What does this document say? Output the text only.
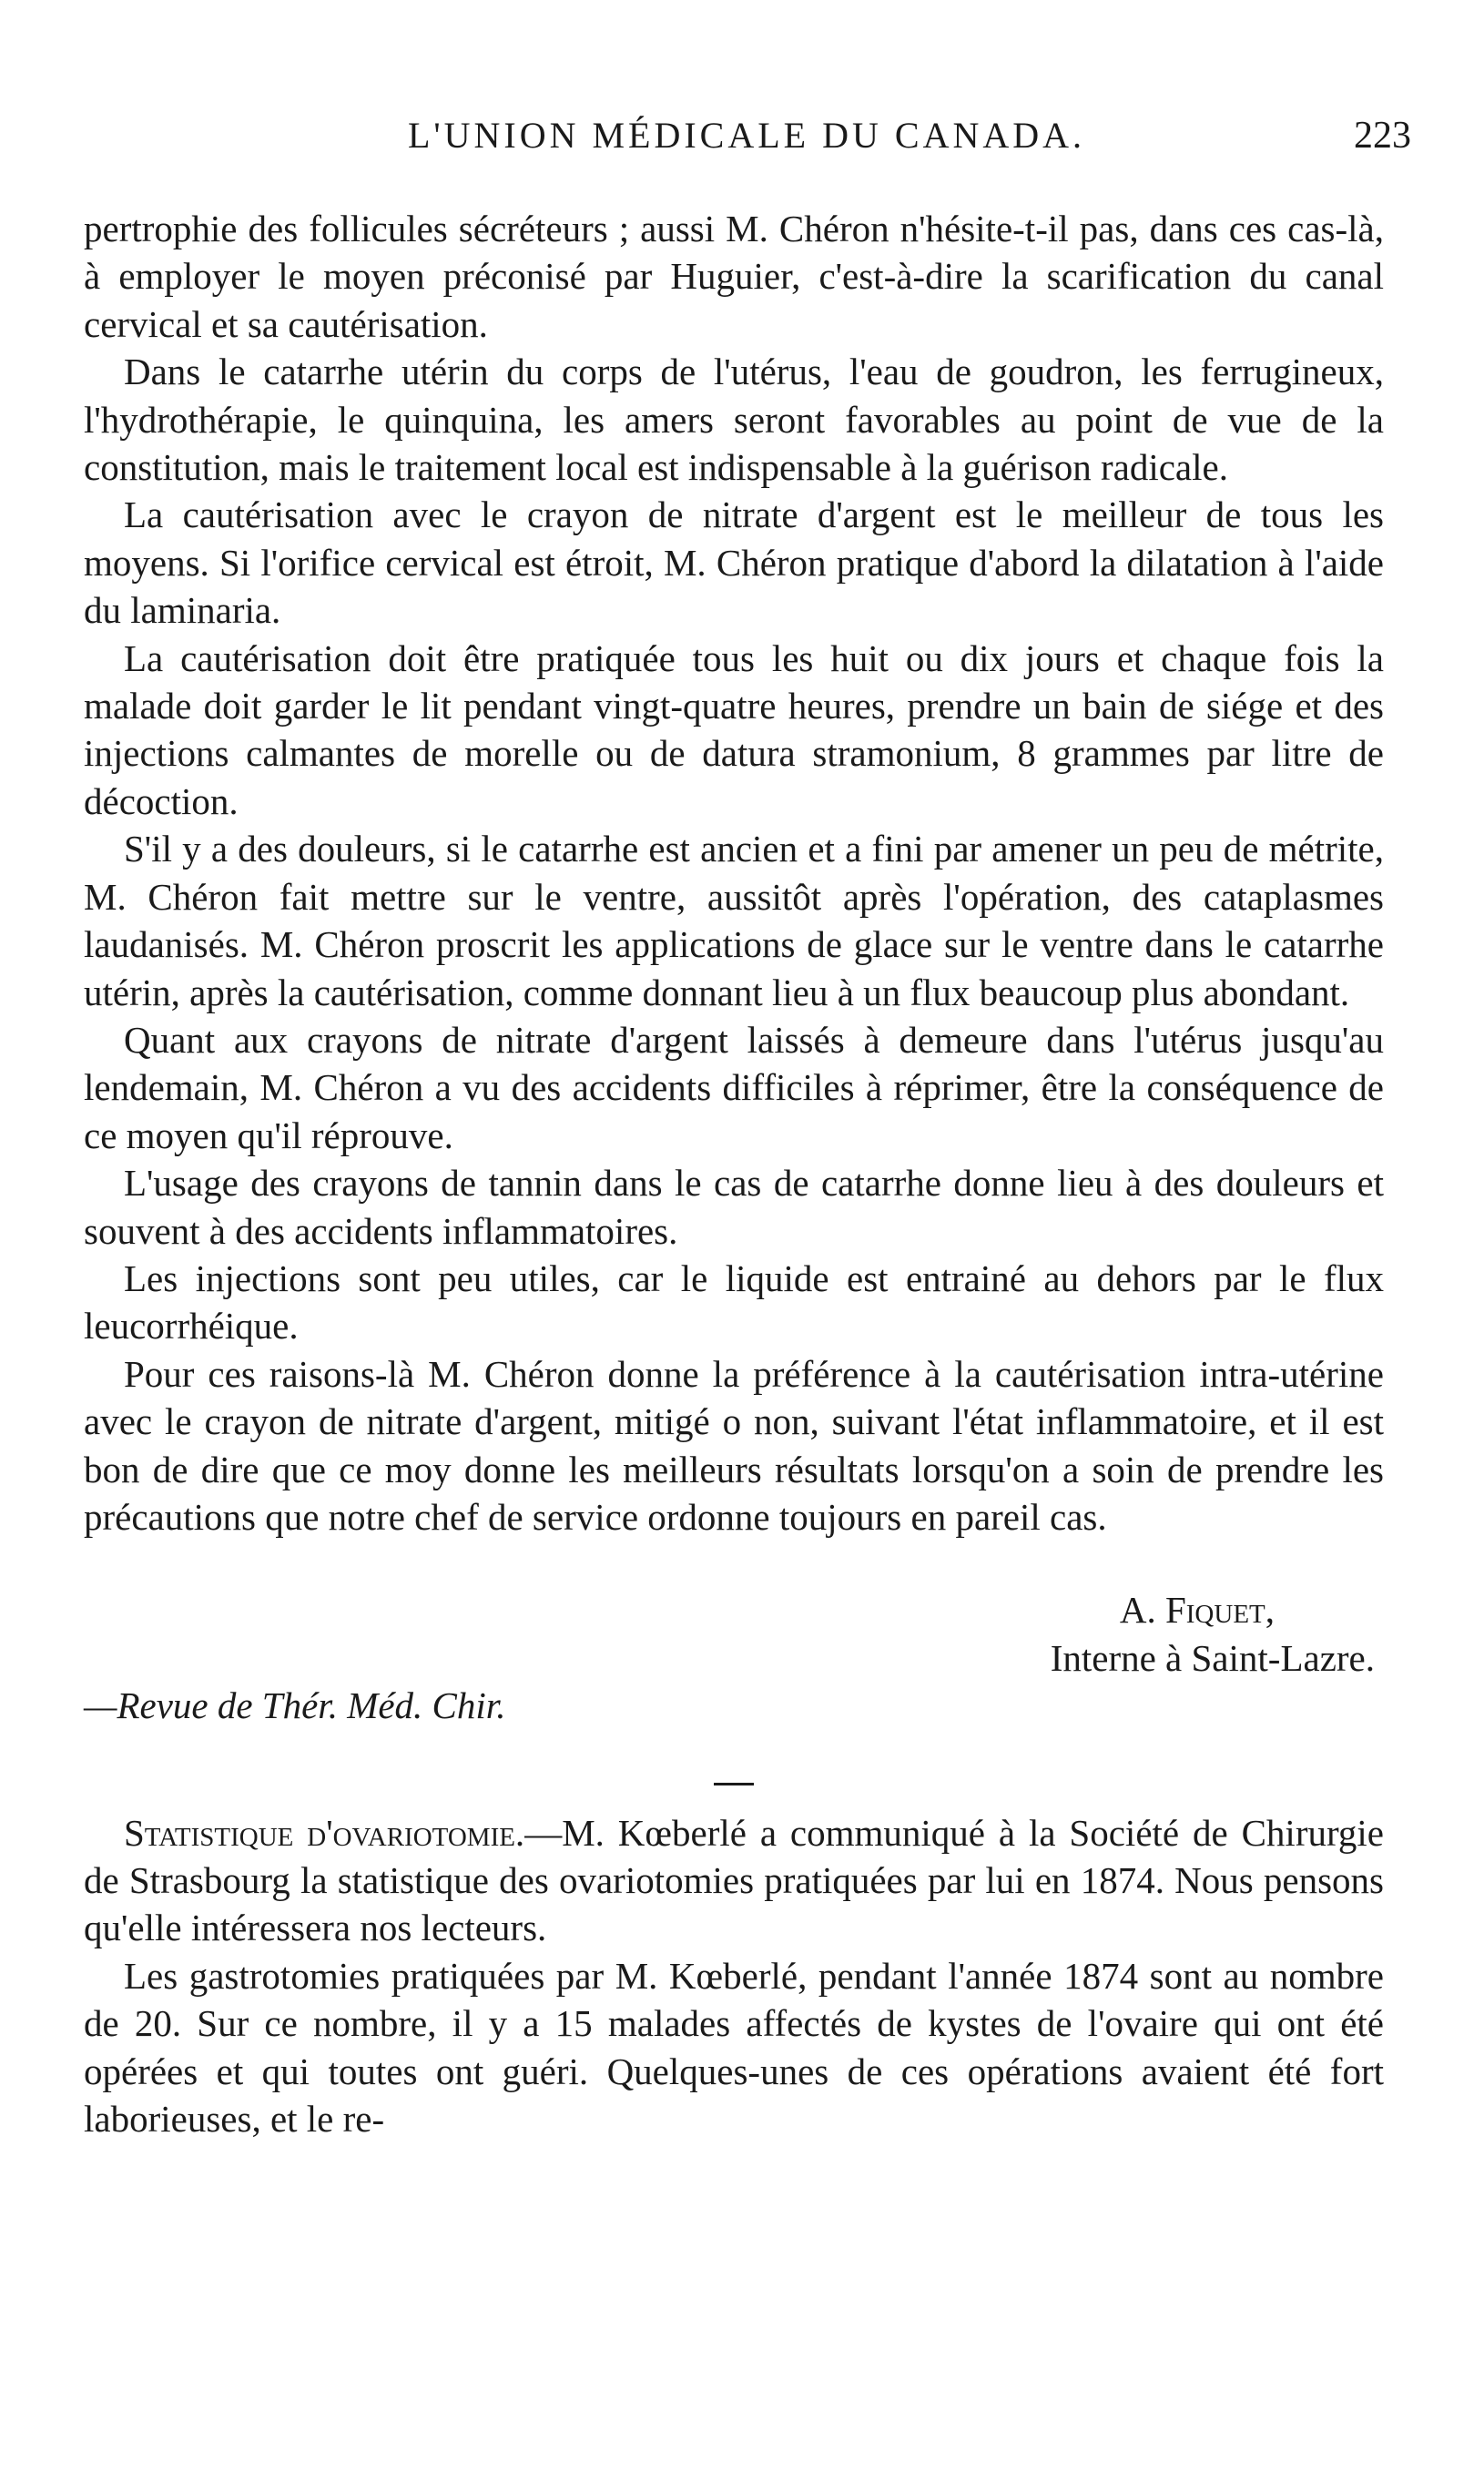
L'UNION MÉDICALE DU CANADA.	223

pertrophie des follicules sécréteurs ; aussi M. Chéron n'hésite-t-il pas, dans ces cas-là, à employer le moyen préconisé par Huguier, c'est-à-dire la scarification du canal cervical et sa cautérisation.

Dans le catarrhe utérin du corps de l'utérus, l'eau de goudron, les ferrugineux, l'hydrothérapie, le quinquina, les amers seront favorables au point de vue de la constitution, mais le traitement local est indispensable à la guérison radicale.

La cautérisation avec le crayon de nitrate d'argent est le meilleur de tous les moyens. Si l'orifice cervical est étroit, M. Chéron pratique d'abord la dilatation à l'aide du laminaria.

La cautérisation doit être pratiquée tous les huit ou dix jours et chaque fois la malade doit garder le lit pendant vingt-quatre heures, prendre un bain de siége et des injections calmantes de morelle ou de datura stramonium, 8 grammes par litre de décoction.

S'il y a des douleurs, si le catarrhe est ancien et a fini par amener un peu de métrite, M. Chéron fait mettre sur le ventre, aussitôt après l'opération, des cataplasmes laudanisés. M. Chéron proscrit les applications de glace sur le ventre dans le catarrhe utérin, après la cautérisation, comme donnant lieu à un flux beaucoup plus abondant.

Quant aux crayons de nitrate d'argent laissés à demeure dans l'utérus jusqu'au lendemain, M. Chéron a vu des accidents difficiles à réprimer, être la conséquence de ce moyen qu'il réprouve.

L'usage des crayons de tannin dans le cas de catarrhe donne lieu à des douleurs et souvent à des accidents inflammatoires.

Les injections sont peu utiles, car le liquide est entrainé au dehors par le flux leucorrhéique.

Pour ces raisons-là M. Chéron donne la préférence à la cautérisation intra-utérine avec le crayon de nitrate d'argent, mitigé o non, suivant l'état inflammatoire, et il est bon de dire que ce moy donne les meilleurs résultats lorsqu'on a soin de prendre les précautions que notre chef de service ordonne toujours en pareil cas.

A. Fiquet,
Interne à Saint-Lazre.

—Revue de Thér. Méd. Chir.

Statistique d'ovariotomie.—M. Kœberlé a communiqué à la Société de Chirurgie de Strasbourg la statistique des ovariotomies pratiquées par lui en 1874. Nous pensons qu'elle intéressera nos lecteurs.

Les gastrotomies pratiquées par M. Kœberlé, pendant l'année 1874 sont au nombre de 20. Sur ce nombre, il y a 15 malades affectés de kystes de l'ovaire qui ont été opérées et qui toutes ont guéri. Quelques-unes de ces opérations avaient été fort laborieuses, et le re-
